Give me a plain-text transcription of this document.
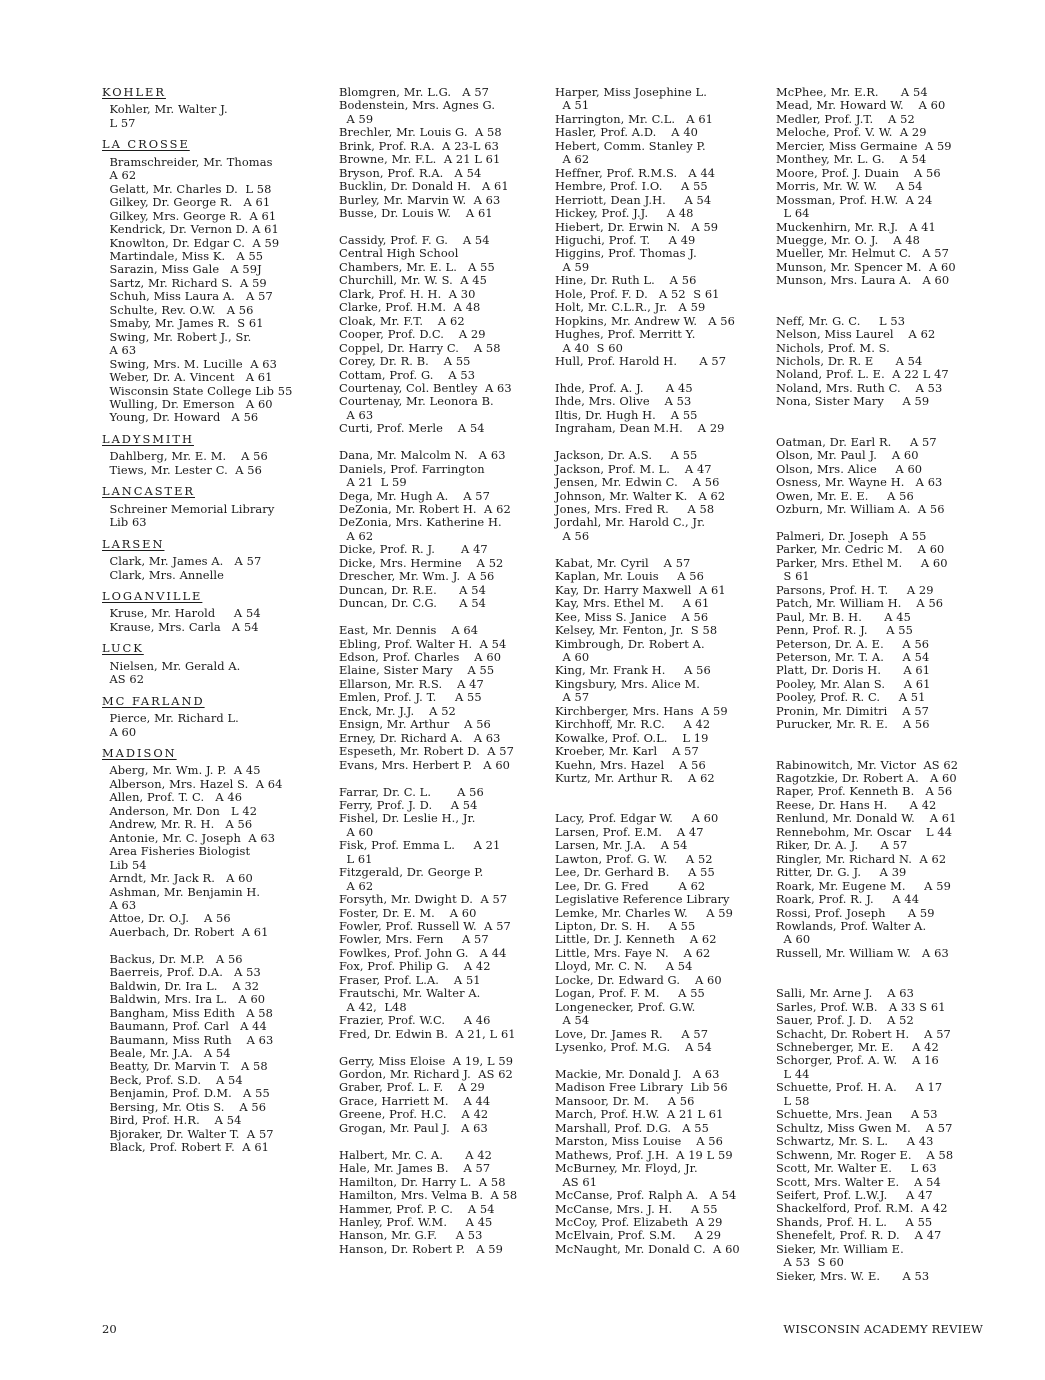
KOHLER
Kohler, Mr. Walter J.
L 57
LA CROSSE
Bramschreider, Mr. Thomas
A 62
Gelatt, Mr. Charles D.  L 58
Gilkey, Dr. George R.   A 61
Gilkey, Mrs. George R.  A 61
Kendrick, Dr. Vernon D. A 61
Knowlton, Dr. Edgar C.  A 59
Martindale, Miss K.   A 55
Sarazin, Miss Gale   A 59J
Sartz, Mr. Richard S.  A 59
Schuh, Miss Laura A.   A 57
Schulte, Rev. O.W.   A 56
Smaby, Mr. James R.  S 61
Swing, Mr. Robert J., Sr.
A 63
Swing, Mrs. M. Lucille  A 63
Weber, Dr. A. Vincent   A 61
Wisconsin State College Lib 55
Wulling, Dr. Emerson   A 60
Young, Dr. Howard   A 56
LADYSMITH
Dahlberg, Mr. E. M.    A 56
Tiews, Mr. Lester C.  A 56
LANCASTER
Schreiner Memorial Library
Lib 63
LARSEN
Clark, Mr. James A.   A 57
Clark, Mrs. Annelle
LOGANVILLE
Kruse, Mr. Harold     A 54
Krause, Mrs. Carla   A 54
LUCK
Nielsen, Mr. Gerald A.
AS 62
MC FARLAND
Pierce, Mr. Richard L.
A 60
MADISON
Aberg, Mr. Wm. J. P.  A 45
Alberson, Mrs. Hazel S.  A 64
Allen, Prof. T. C.   A 46
Anderson, Mr. Don   L 42
Andrew, Mr. R. H.   A 56
Antonie, Mr. C. Joseph  A 63
Area Fisheries Biologist
Lib 54
Arndt, Mr. Jack R.   A 60
Ashman, Mr. Benjamin H.
A 63
Attoe, Dr. O.J.    A 56
Auerbach, Dr. Robert  A 61
Backus, Dr. M.P.   A 56
Baerreis, Prof. D.A.   A 53
Baldwin, Dr. Ira L.    A 32
Baldwin, Mrs. Ira L.   A 60
Bangham, Miss Edith   A 58
Baumann, Prof. Carl   A 44
Baumann, Miss Ruth    A 63
Beale, Mr. J.A.   A 54
Beatty, Dr. Marvin T.   A 58
Beck, Prof. S.D.    A 54
Benjamin, Prof. D.M.   A 55
Bersing, Mr. Otis S.    A 56
Bird, Prof. H.R.    A 54
Bjoraker, Dr. Walter T.  A 57
Black, Prof. Robert F.  A 61
Blomgren, Mr. L.G.   A 57
Bodenstein, Mrs. Agnes G.
A 59
Brechler, Mr. Louis G.  A 58
Brink, Prof. R.A.  A 23-L 63
Browne, Mr. F.L.  A 21 L 61
Bryson, Prof. R.A.   A 54
Bucklin, Dr. Donald H.   A 61
Burley, Mr. Marvin W.  A 63
Busse, Dr. Louis W.    A 61
Cassidy, Prof. F. G.    A 54
Central High School
Chambers, Mr. E. L.   A 55
Churchill, Mr. W. S.  A 45
Clark, Prof. H. H.  A 30
Clarke, Prof. H.M.  A 48
Cloak, Mr. F.T.    A 62
Cooper, Prof. D.C.    A 29
Coppel, Dr. Harry C.    A 58
Corey, Dr. R. B.    A 55
Cottam, Prof. G.    A 53
Courtenay, Col. Bentley  A 63
Courtenay, Mr. Leonora B.
A 63
Curti, Prof. Merle    A 54
Dana, Mr. Malcolm N.   A 63
Daniels, Prof. Farrington
A 21  L 59
Dega, Mr. Hugh A.    A 57
DeZonia, Mr. Robert H.  A 62
DeZonia, Mrs. Katherine H.
A 62
Dicke, Prof. R. J.       A 47
Dicke, Mrs. Hermine    A 52
Drescher, Mr. Wm. J.  A 56
Duncan, Dr. R.E.      A 54
Duncan, Dr. C.G.      A 54
East, Mr. Dennis    A 64
Ebling, Prof. Walter H.  A 54
Edson, Prof. Charles    A 60
Elaine, Sister Mary    A 55
Ellarson, Mr. R.S.    A 47
Emlen, Prof. J. T.     A 55
Enck, Mr. J.J.    A 52
Ensign, Mr. Arthur    A 56
Erney, Dr. Richard A.   A 63
Espeseth, Mr. Robert D.  A 57
Evans, Mrs. Herbert P.   A 60
Farrar, Dr. C. L.       A 56
Ferry, Prof. J. D.     A 54
Fishel, Dr. Leslie H., Jr.
A 60
Fisk, Prof. Emma L.     A 21
L 61
Fitzgerald, Dr. George P.
A 62
Forsyth, Mr. Dwight D.  A 57
Foster, Dr. E. M.    A 60
Fowler, Prof. Russell W.  A 57
Fowler, Mrs. Fern     A 57
Fowlkes, Prof. John G.   A 44
Fox, Prof. Philip G.    A 42
Fraser, Prof. L.A.    A 51
Frautschi, Mr. Walter A.
A 42,  L48
Frazier, Prof. W.C.     A 46
Fred, Dr. Edwin B.  A 21, L 61
Gerry, Miss Eloise  A 19, L 59
Gordon, Mr. Richard J.  AS 62
Graber, Prof. L. F.    A 29
Grace, Harriett M.    A 44
Greene, Prof. H.C.    A 42
Grogan, Mr. Paul J.   A 63
Halbert, Mr. C. A.      A 42
Hale, Mr. James B.    A 57
Hamilton, Dr. Harry L.  A 58
Hamilton, Mrs. Velma B.  A 58
Hammer, Prof. P. C.    A 54
Hanley, Prof. W.M.     A 45
Hanson, Mr. G.F.     A 53
Hanson, Dr. Robert P.   A 59
Harper, Miss Josephine L.
A 51
Harrington, Mr. C.L.   A 61
Hasler, Prof. A.D.    A 40
Hebert, Comm. Stanley P.
A 62
Heffner, Prof. R.M.S.   A 44
Hembre, Prof. I.O.     A 55
Herriott, Dean J.H.     A 54
Hickey, Prof. J.J.     A 48
Hiebert, Dr. Erwin N.   A 59
Higuchi, Prof. T.     A 49
Higgins, Prof. Thomas J.
A 59
Hine, Dr. Ruth L.    A 56
Hole, Prof. F. D.   A 52  S 61
Holt, Mr. C.L.R., Jr.   A 59
Hopkins, Mr. Andrew W.   A 56
Hughes, Prof. Merritt Y.
A 40  S 60
Hull, Prof. Harold H.      A 57
Ihde, Prof. A. J.      A 45
Ihde, Mrs. Olive    A 53
Iltis, Dr. Hugh H.    A 55
Ingraham, Dean M.H.    A 29
Jackson, Dr. A.S.     A 55
Jackson, Prof. M. L.    A 47
Jensen, Mr. Edwin C.    A 56
Johnson, Mr. Walter K.   A 62
Jones, Mrs. Fred R.     A 58
Jordahl, Mr. Harold C., Jr.
A 56
Kabat, Mr. Cyril    A 57
Kaplan, Mr. Louis     A 56
Kay, Dr. Harry Maxwell  A 61
Kay, Mrs. Ethel M.     A 61
Kee, Miss S. Janice    A 56
Kelsey, Mr. Fenton, Jr.  S 58
Kimbrough, Dr. Robert A.
A 60
King, Mr. Frank H.     A 56
Kingsbury, Mrs. Alice M.
A 57
Kirchberger, Mrs. Hans  A 59
Kirchhoff, Mr. R.C.     A 42
Kowalke, Prof. O.L.    L 19
Kroeber, Mr. Karl    A 57
Kuehn, Mrs. Hazel    A 56
Kurtz, Mr. Arthur R.    A 62
Lacy, Prof. Edgar W.     A 60
Larsen, Prof. E.M.    A 47
Larsen, Mr. J.A.    A 54
Lawton, Prof. G. W.     A 52
Lee, Dr. Gerhard B.     A 55
Lee, Dr. G. Fred        A 62
Legislative Reference Library
Lemke, Mr. Charles W.     A 59
Lipton, Dr. S. H.     A 55
Little, Dr. J. Kenneth    A 62
Little, Mrs. Faye N.    A 62
Lloyd, Mr. C. N.     A 54
Locke, Dr. Edward G.    A 60
Logan, Prof. F. M.     A 55
Longenecker, Prof. G.W.
A 54
Love, Dr. James R.     A 57
Lysenko, Prof. M.G.    A 54
Mackie, Mr. Donald J.   A 63
Madison Free Library  Lib 56
Mansoor, Dr. M.     A 56
March, Prof. H.W.  A 21 L 61
Marshall, Prof. D.G.   A 55
Marston, Miss Louise    A 56
Mathews, Prof. J.H.  A 19 L 59
McBurney, Mr. Floyd, Jr.
AS 61
McCanse, Prof. Ralph A.   A 54
McCanse, Mrs. J. H.     A 55
McCoy, Prof. Elizabeth  A 29
McElvain, Prof. S.M.     A 29
McNaught, Mr. Donald C.  A 60
McPhee, Mr. E.R.      A 54
Mead, Mr. Howard W.    A 60
Medler, Prof. J.T.    A 52
Meloche, Prof. V. W.  A 29
Mercier, Miss Germaine  A 59
Monthey, Mr. L. G.    A 54
Moore, Prof. J. Duain    A 56
Morris, Mr. W. W.     A 54
Mossman, Prof. H.W.  A 24
L 64
Muckenhirn, Mr. R.J.   A 41
Muegge, Mr. O. J.    A 48
Mueller, Mr. Helmut C.   A 57
Munson, Mr. Spencer M.  A 60
Munson, Mrs. Laura A.   A 60
Neff, Mr. G. C.     L 53
Nelson, Miss Laurel    A 62
Nichols, Prof. M. S.
Nichols, Dr. R. E      A 54
Noland, Prof. L. E.  A 22 L 47
Noland, Mrs. Ruth C.    A 53
Nona, Sister Mary     A 59
Oatman, Dr. Earl R.     A 57
Olson, Mr. Paul J.    A 60
Olson, Mrs. Alice     A 60
Osness, Mr. Wayne H.   A 63
Owen, Mr. E. E.     A 56
Ozburn, Mr. William A.  A 56
Palmeri, Dr. Joseph   A 55
Parker, Mr. Cedric M.    A 60
Parker, Mrs. Ethel M.     A 60
S 61
Parsons, Prof. H. T.     A 29
Patch, Mr. William H.    A 56
Paul, Mr. B. H.      A 45
Penn, Prof. R. J.     A 55
Peterson, Dr. A. E.     A 56
Peterson, Mr. T. A.     A 54
Platt, Dr. Doris H.      A 61
Pooley, Mr. Alan S.     A 61
Pooley, Prof. R. C.     A 51
Pronin, Mr. Dimitri    A 57
Purucker, Mr. R. E.    A 56
Rabinowitch, Mr. Victor  AS 62
Ragotzkie, Dr. Robert A.   A 60
Raper, Prof. Kenneth B.   A 56
Reese, Dr. Hans H.      A 42
Renlund, Mr. Donald W.    A 61
Rennebohm, Mr. Oscar    L 44
Riker, Dr. A. J.      A 57
Ringler, Mr. Richard N.  A 62
Ritter, Dr. G. J.     A 39
Roark, Mr. Eugene M.     A 59
Roark, Prof. R. J.     A 44
Rossi, Prof. Joseph      A 59
Rowlands, Prof. Walter A.
A 60
Russell, Mr. William W.   A 63
Salli, Mr. Arne J.    A 63
Sarles, Prof. W.B.   A 33 S 61
Sauer, Prof. J. D.    A 52
Schacht, Dr. Robert H.    A 57
Schneberger, Mr. E.     A 42
Schorger, Prof. A. W.    A 16
L 44
Schuette, Prof. H. A.     A 17
L 58
Schuette, Mrs. Jean     A 53
Schultz, Miss Gwen M.    A 57
Schwartz, Mr. S. L.     A 43
Schwenn, Mr. Roger E.    A 58
Scott, Mr. Walter E.     L 63
Scott, Mrs. Walter E.    A 54
Seifert, Prof. L.W.J.     A 47
Shackelford, Prof. R.M.  A 42
Shands, Prof. H. L.     A 55
Shenefelt, Prof. R. D.    A 47
Sieker, Mr. William E.
A 53  S 60
Sieker, Mrs. W. E.      A 53
20	WISCONSIN ACADEMY REVIEW
